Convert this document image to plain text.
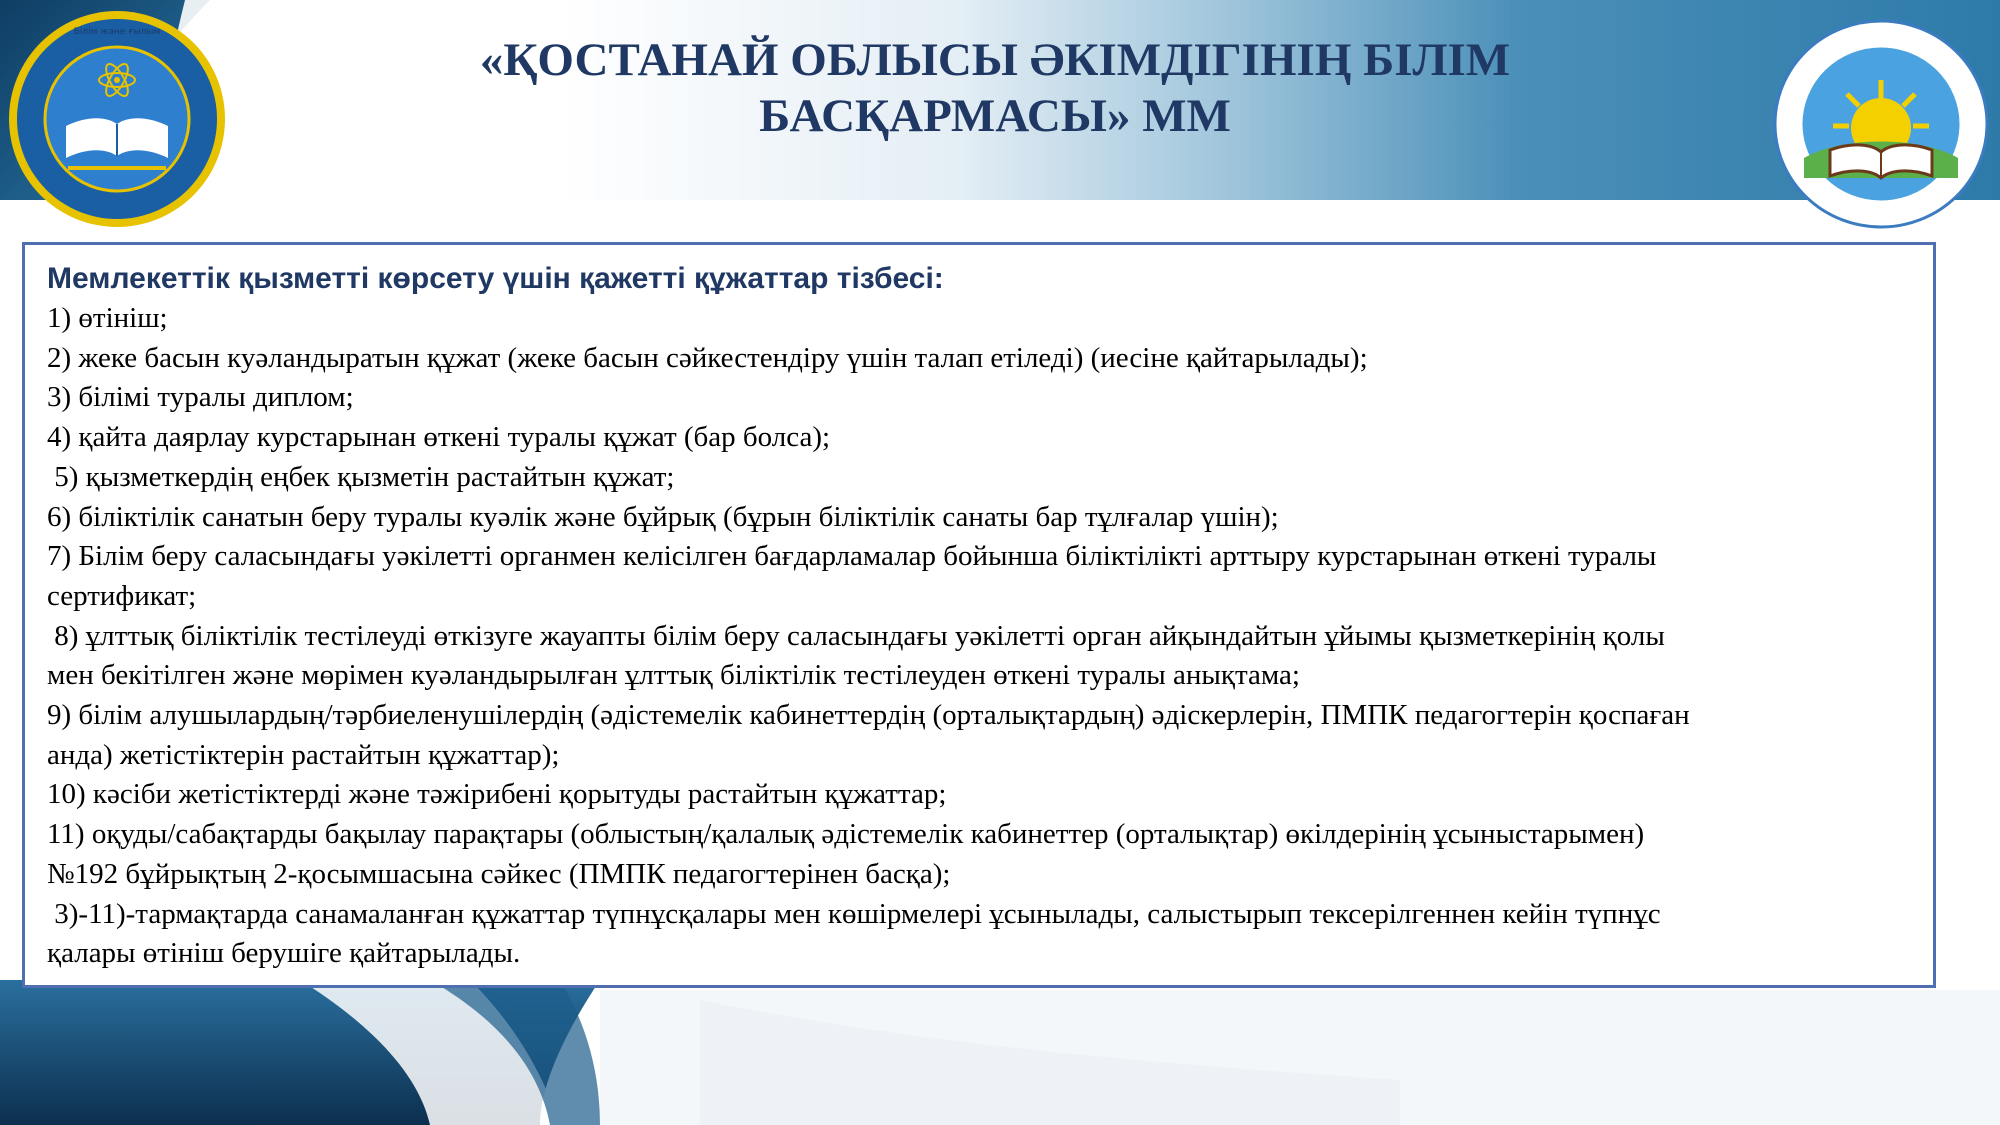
«ҚОСТАНАЙ ОБЛЫСЫ ӘКІМДІГІНІҢ БІЛІМ
БАСҚАРМАСЫ» ММ
Білім және ғылым
Мемлекеттік қызметті көрсету үшін қажетті құжаттар тізбесі:
1) өтініш;
2) жеке басын куәландыратын құжат (жеке басын сәйкестендіру үшін талап етіледі) (иесіне қайтарылады);
3) білімі туралы диплом;
4) қайта даярлау курстарынан өткені туралы құжат (бар болса);
5) қызметкердің еңбек қызметін растайтын құжат;
6) біліктілік санатын беру туралы куәлік және бұйрық (бұрын біліктілік санаты бар тұлғалар үшін);
7) Білім беру саласындағы уәкілетті органмен келісілген бағдарламалар бойынша біліктілікті арттыру курстарынан өткені туралы
сертификат;
8) ұлттық біліктілік тестілеуді өткізуге жауапты білім беру саласындағы уәкілетті орган айқындайтын ұйымы қызметкерінің қолы
мен бекітілген және мөрімен куәландырылған ұлттық біліктілік тестілеуден өткені туралы анықтама;
9) білім алушылардың/тәрбиеленушілердің (әдістемелік кабинеттердің (орталықтардың) әдіскерлерін, ПМПК педагогтерін қоспаған
анда) жетістіктерін растайтын құжаттар);
10) кәсіби жетістіктерді және тәжірибені қорытуды растайтын құжаттар;
11) оқуды/сабақтарды бақылау парақтары (облыстың/қалалық әдістемелік кабинеттер (орталықтар) өкілдерінің ұсыныстарымен)
№192 бұйрықтың 2-қосымшасына сәйкес (ПМПК педагогтерінен басқа);
3)-11)-тармақтарда санамаланған құжаттар түпнұсқалары мен көшірмелері ұсынылады, салыстырып тексерілгеннен кейін түпнұс
қалары өтініш берушіге қайтарылады.
